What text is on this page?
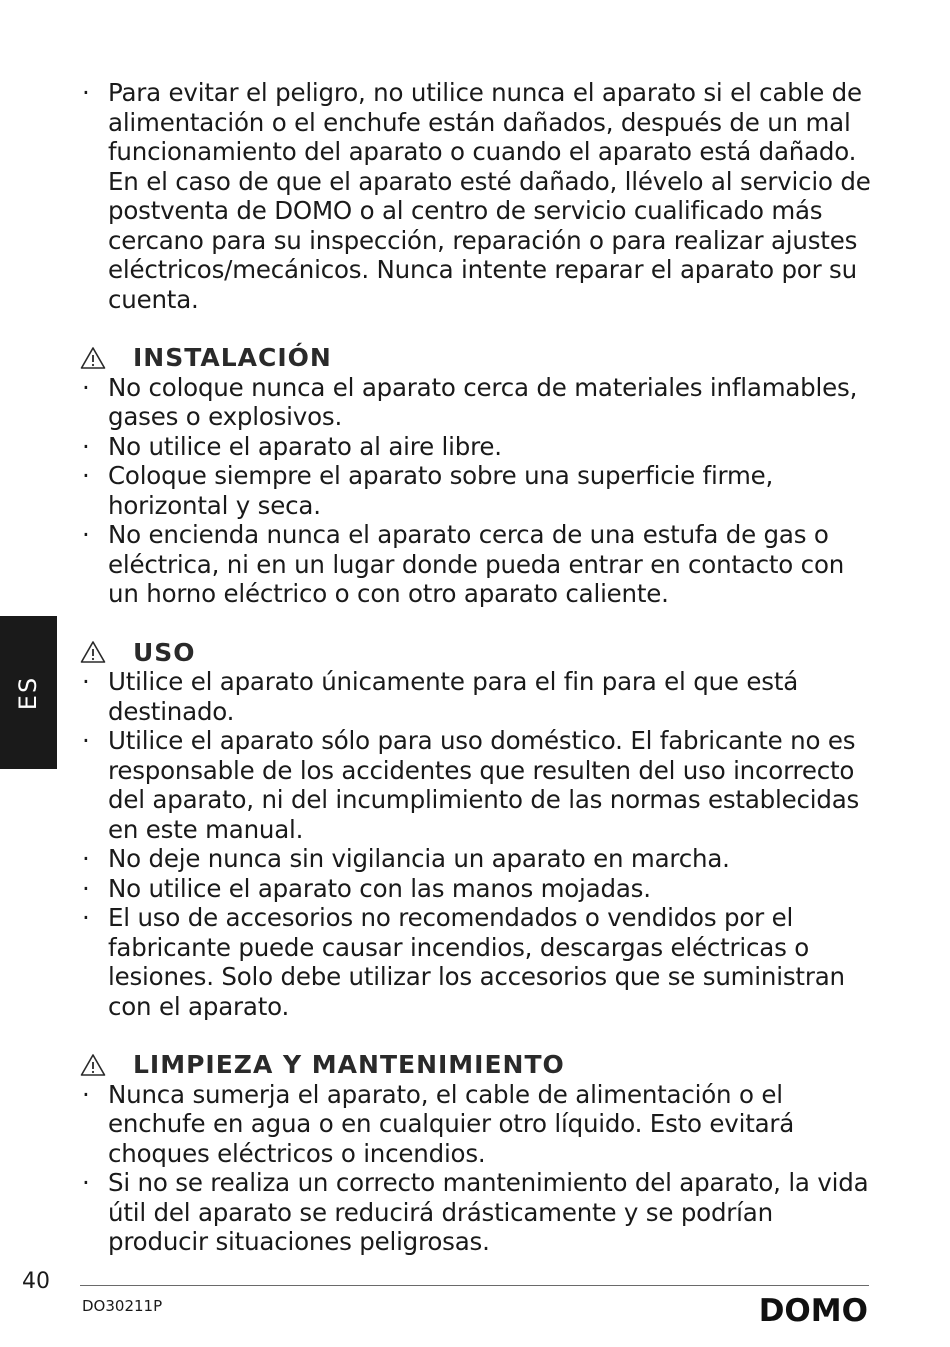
· Para evitar el peligro, no utilice nunca el aparato si el cable de alimentación o el enchufe están dañados, después de un mal funcionamiento del aparato o cuando el aparato está dañado. En el caso de que el aparato esté dañado, llévelo al servicio de postventa de DOMO o al centro de servicio cualificado más cercano para su inspección, reparación o para realizar ajustes eléctricos/mecánicos. Nunca intente reparar el aparato por su cuenta.
INSTALACIÓN
· No coloque nunca el aparato cerca de materiales inflamables, gases o explosivos.
· No utilice el aparato al aire libre.
· Coloque siempre el aparato sobre una superficie firme, horizontal y seca.
· No encienda nunca el aparato cerca de una estufa de gas o eléctrica, ni en un lugar donde pueda entrar en contacto con un horno eléctrico o con otro aparato caliente.
USO
· Utilice el aparato únicamente para el fin para el que está destinado.
· Utilice el aparato sólo para uso doméstico. El fabricante no es responsable de los accidentes que resulten del uso incorrecto del aparato, ni del incumplimiento de las normas establecidas en este manual.
· No deje nunca sin vigilancia un aparato en marcha.
· No utilice el aparato con las manos mojadas.
· El uso de accesorios no recomendados o vendidos por el fabricante puede causar incendios, descargas eléctricas o lesiones. Solo debe utilizar los accesorios que se suministran con el aparato.
LIMPIEZA Y MANTENIMIENTO
· Nunca sumerja el aparato, el cable de alimentación o el enchufe en agua o en cualquier otro líquido. Esto evitará choques eléctricos o incendios.
· Si no se realiza un correcto mantenimiento del aparato, la vida útil del aparato se reducirá drásticamente y se podrían producir situaciones peligrosas.
ES
40
DO30211P	DOMO
